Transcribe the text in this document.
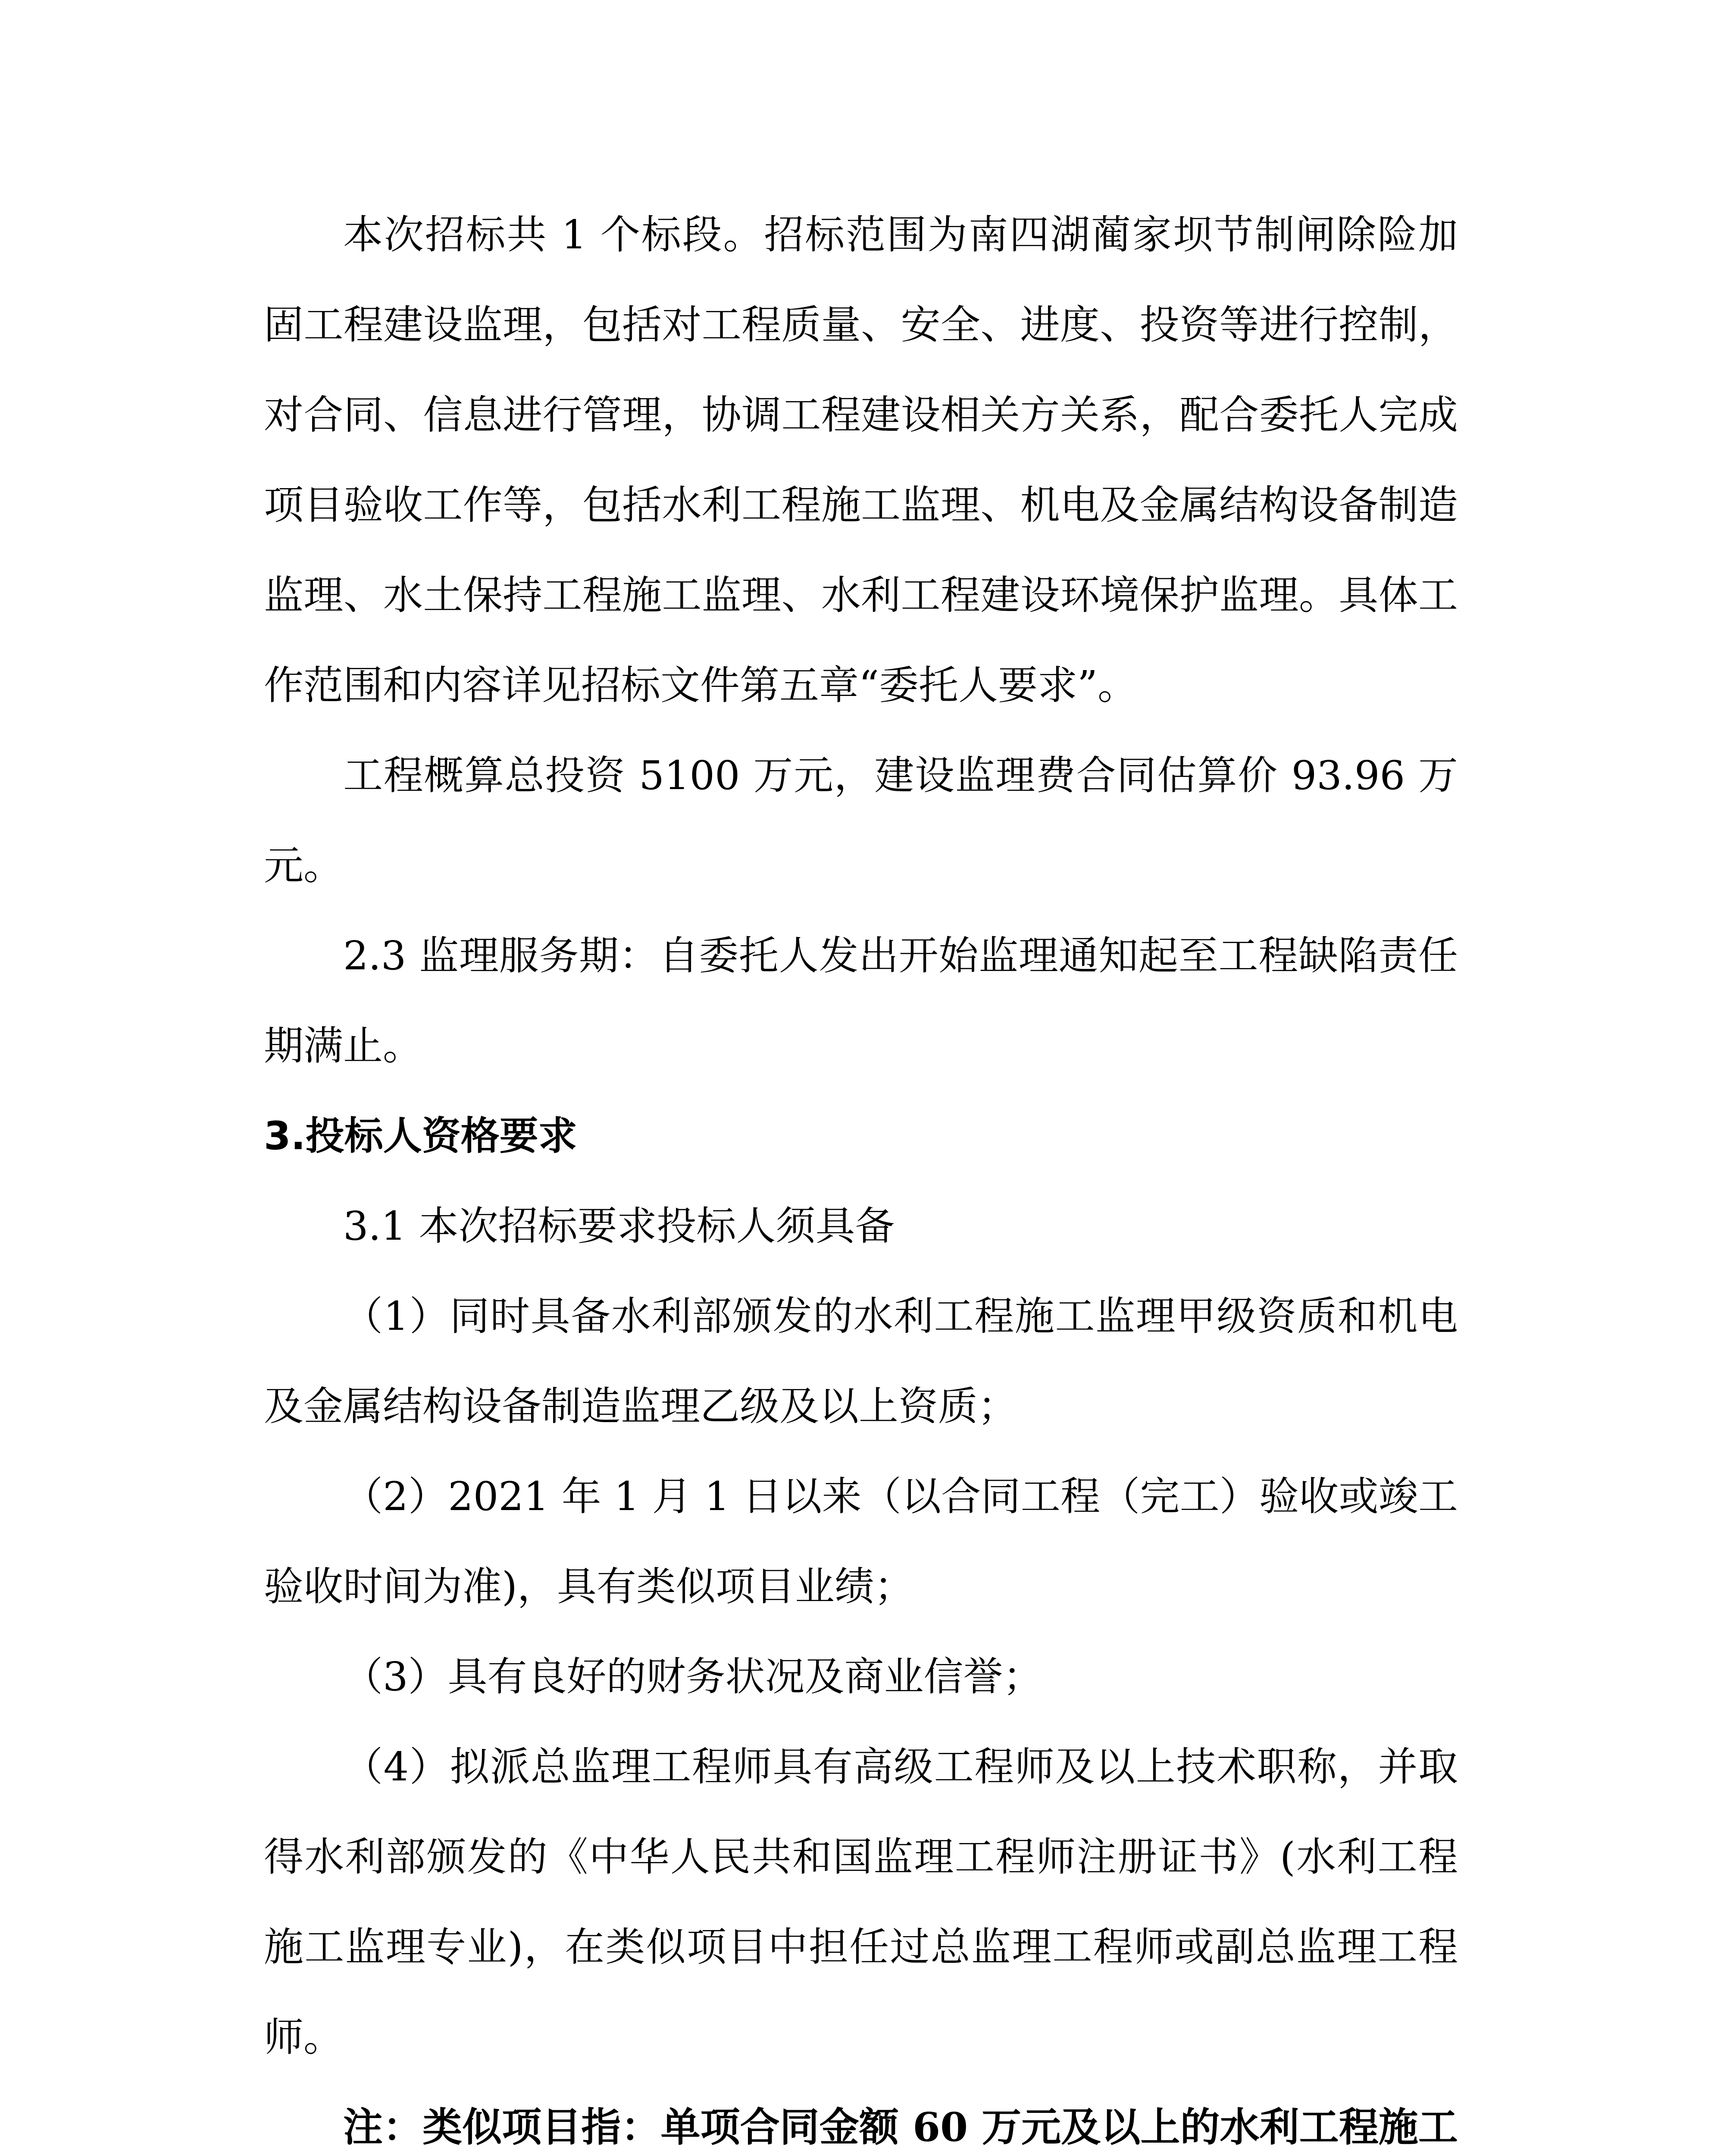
本次招标共 1 个标段。招标范围为南四湖蔺家坝节制闸除险加固工程建设监理，包括对工程质量、安全、进度、投资等进行控制，对合同、信息进行管理，协调工程建设相关方关系，配合委托人完成项目验收工作等，包括水利工程施工监理、机电及金属结构设备制造监理、水土保持工程施工监理、水利工程建设环境保护监理。具体工作范围和内容详见招标文件第五章“委托人要求”。

工程概算总投资 5100 万元，建设监理费合同估算价 93.96 万元。

2.3 监理服务期：自委托人发出开始监理通知起至工程缺陷责任期满止。

3.投标人资格要求

3.1 本次招标要求投标人须具备

（1）同时具备水利部颁发的水利工程施工监理甲级资质和机电及金属结构设备制造监理乙级及以上资质；

（2）2021 年 1 月 1 日以来（以合同工程（完工）验收或竣工验收时间为准)，具有类似项目业绩；

（3）具有良好的财务状况及商业信誉；

（4）拟派总监理工程师具有高级工程师及以上技术职称，并取得水利部颁发的《中华人民共和国监理工程师注册证书》(水利工程施工监理专业)，在类似项目中担任过总监理工程师或副总监理工程师。

注：类似项目指：单项合同金额 60 万元及以上的水利工程施工
